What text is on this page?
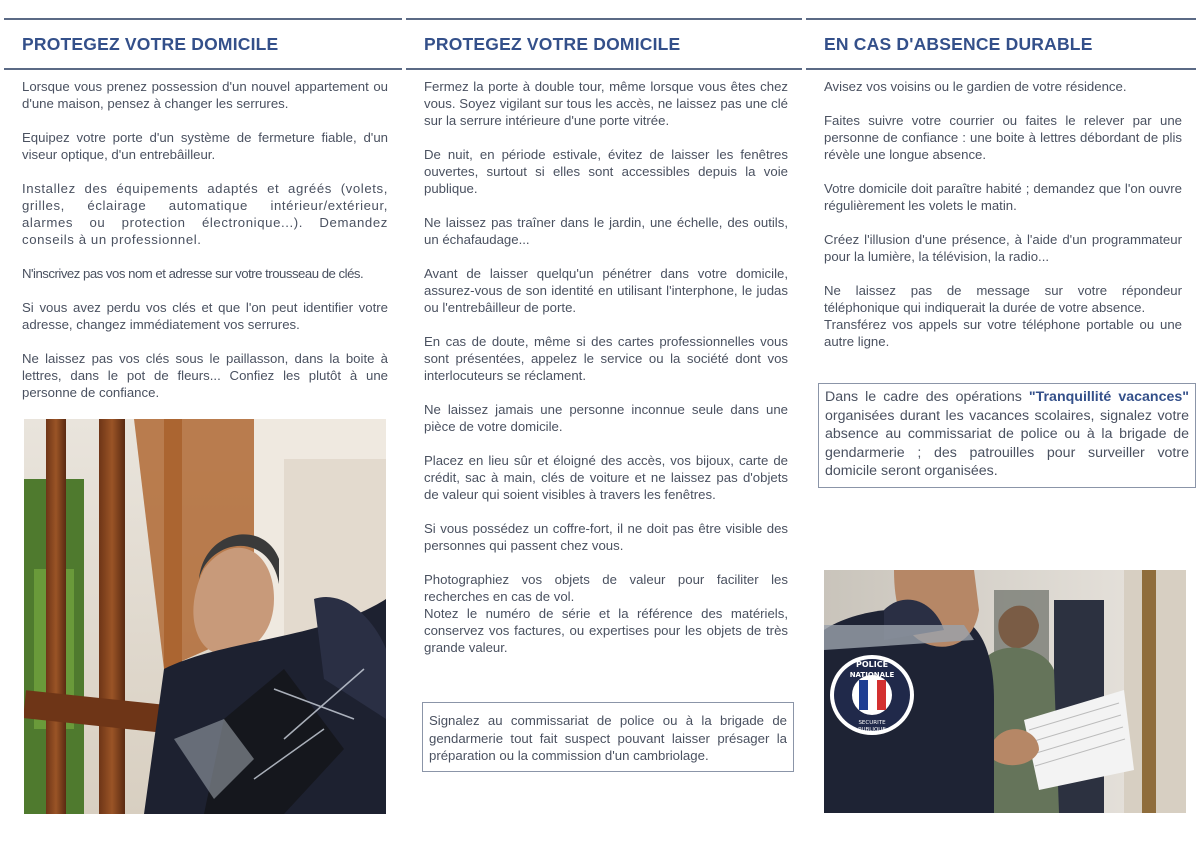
PROTEGEZ VOTRE DOMICILE

Lorsque vous prenez possession d'un nouvel appartement ou d'une maison, pensez à changer les serrures.

Equipez votre porte d'un système de fermeture fiable, d'un viseur optique, d'un entrebâilleur.

Installez des équipements adaptés et agréés (volets, grilles, éclairage automatique intérieur/extérieur, alarmes ou protection électronique...). Demandez conseils à un professionnel.

N'inscrivez pas vos nom et adresse sur votre trousseau de clés.

Si vous avez perdu vos clés et que l'on peut identifier votre adresse, changez immédiatement vos serrures.

Ne laissez pas vos clés sous le paillasson, dans la boite à lettres, dans le pot de fleurs... Confiez les plutôt à une personne de confiance.

PROTEGEZ VOTRE DOMICILE

Fermez la porte à double tour, même lorsque vous êtes chez vous. Soyez vigilant sur tous les accès, ne laissez pas une clé sur la serrure intérieure d'une porte vitrée.

De nuit, en période estivale, évitez de laisser les fenêtres ouvertes, surtout si elles sont accessibles depuis la voie publique.

Ne laissez pas traîner dans le jardin, une échelle, des outils, un échafaudage...

Avant de laisser quelqu'un pénétrer dans votre domicile, assurez-vous de son identité en utilisant l'interphone, le judas ou l'entrebâilleur de porte.

En cas de doute, même si des cartes professionnelles vous sont présentées, appelez le service ou la société dont vos interlocuteurs se réclament.

Ne laissez jamais une personne inconnue seule dans une pièce de votre domicile.

Placez en lieu sûr et éloigné des accès, vos bijoux, carte de crédit, sac à main, clés de voiture et ne laissez pas d'objets de valeur qui soient visibles à travers les fenêtres.

Si vous possédez un coffre-fort, il ne doit pas être visible des personnes qui passent chez vous.

Photographiez vos objets de valeur pour faciliter les recherches en cas de vol.

Notez le numéro de série et la référence des matériels, conservez vos factures, ou expertises pour les objets de très grande valeur.

Signalez au commissariat de police ou à la brigade de gendarmerie tout fait suspect pouvant laisser présager la préparation ou la commission d'un cambriolage.
EN CAS D'ABSENCE DURABLE

Avisez vos voisins ou le gardien de votre résidence.

Faites suivre votre courrier ou faites le relever par une personne de confiance : une boite à lettres débordant de plis révèle une longue absence.

Votre domicile doit paraître habité ; demandez que l'on ouvre régulièrement les volets le matin.

Créez l'illusion d'une présence, à l'aide d'un programmateur pour la lumière, la télévision, la radio...

Ne laissez pas de message sur votre répondeur téléphonique qui indiquerait la durée de votre absence.

Transférez vos appels sur votre téléphone portable ou une autre ligne.

Dans le cadre des opérations "Tranquillité vacances" organisées durant les vacances scolaires, signalez votre absence au commissariat de police ou à la brigade de gendarmerie ; des patrouilles pour surveiller votre domicile seront organisées.
POLICE
NATIONALE
SECURITE
PUBLIQUE
